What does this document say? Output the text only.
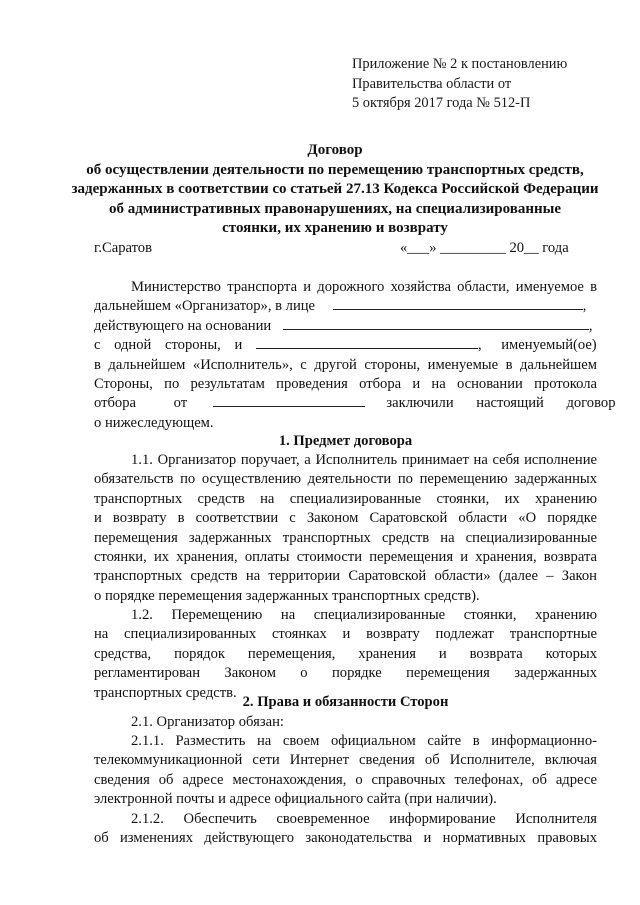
Приложение № 2 к постановлению
Правительства области от
5 октября 2017 года № 512-П
Договор
об осуществлении деятельности по перемещению транспортных средств,
задержанных в соответствии со статьей 27.13 Кодекса Российской Федерации
об административных правонарушениях, на специализированные
стоянки, их хранению и возврату
г.Саратов	«___» _________ 20__ года
Министерство транспорта и дорожного хозяйства области, именуемое в
дальнейшем «Организатор», в лице	,
действующего на основании	,
с одной стороны, и	, именуемый(ое)
в дальнейшем «Исполнитель», с другой стороны, именуемые в дальнейшем
Стороны, по результатам проведения отбора и на основании протокола
отбора от	заключили настоящий договор
о нижеследующем.
1. Предмет договора
1.1. Организатор поручает, а Исполнитель принимает на себя исполнение
обязательств по осуществлению деятельности по перемещению задержанных
транспортных средств на специализированные стоянки, их хранению
и возврату в соответствии с Законом Саратовской области «О порядке
перемещения задержанных транспортных средств на специализированные
стоянки, их хранения, оплаты стоимости перемещения и хранения, возврата
транспортных средств на территории Саратовской области» (далее – Закон
о порядке перемещения задержанных транспортных средств).
1.2. Перемещению на специализированные стоянки, хранению
на специализированных стоянках и возврату подлежат транспортные
средства, порядок перемещения, хранения и возврата которых
регламентирован Законом о порядке перемещения задержанных
транспортных средств.
2. Права и обязанности Сторон
2.1. Организатор обязан:
2.1.1. Разместить на своем официальном сайте в информационно-
телекоммуникационной сети Интернет сведения об Исполнителе, включая
сведения об адресе местонахождения, о справочных телефонах, об адресе
электронной почты и адресе официального сайта (при наличии).
2.1.2. Обеспечить своевременное информирование Исполнителя
об изменениях действующего законодательства и нормативных правовых
